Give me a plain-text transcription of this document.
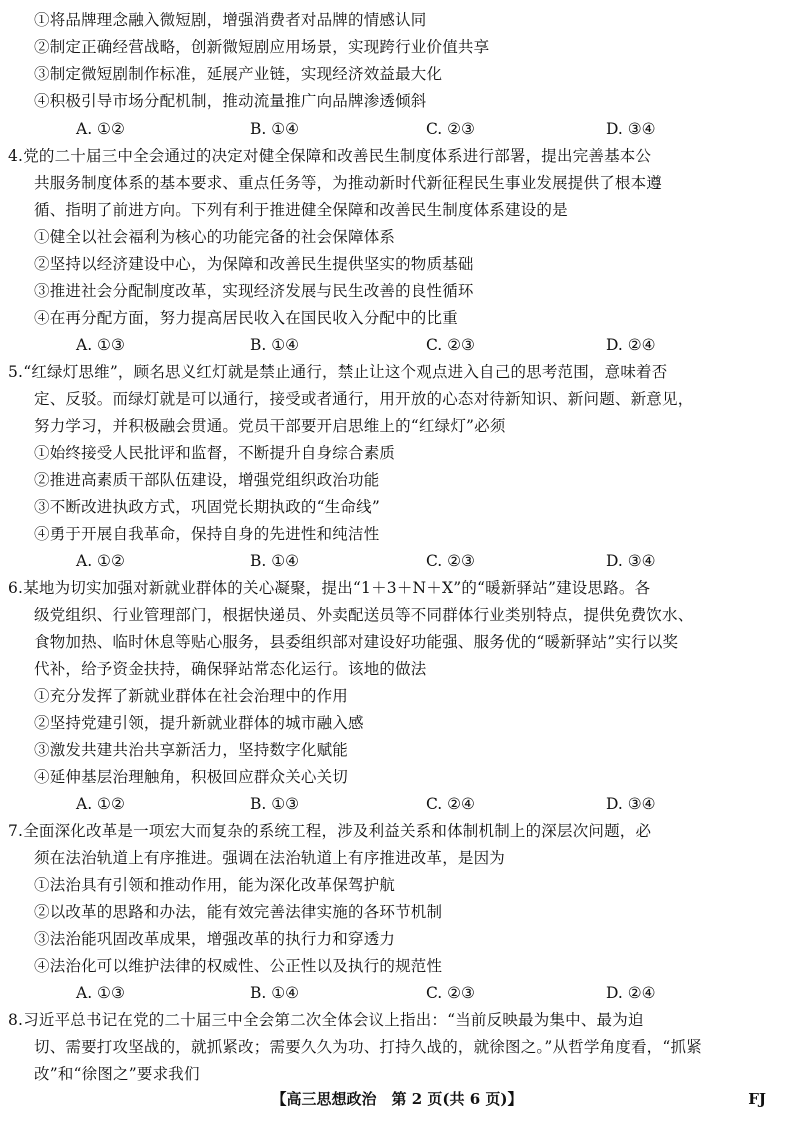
①将品牌理念融入微短剧，增强消费者对品牌的情感认同
②制定正确经营战略，创新微短剧应用场景，实现跨行业价值共享
③制定微短剧制作标准，延展产业链，实现经济效益最大化
④积极引导市场分配机制，推动流量推广向品牌渗透倾斜
A. ①②	B. ①④	C. ②③	D. ③④
4.党的二十届三中全会通过的决定对健全保障和改善民生制度体系进行部署，提出完善基本公
共服务制度体系的基本要求、重点任务等，为推动新时代新征程民生事业发展提供了根本遵
循、指明了前进方向。下列有利于推进健全保障和改善民生制度体系建设的是
①健全以社会福利为核心的功能完备的社会保障体系
②坚持以经济建设中心，为保障和改善民生提供坚实的物质基础
③推进社会分配制度改革，实现经济发展与民生改善的良性循环
④在再分配方面，努力提高居民收入在国民收入分配中的比重
A. ①③	B. ①④	C. ②③	D. ②④
5.“红绿灯思维”，顾名思义红灯就是禁止通行，禁止让这个观点进入自己的思考范围，意味着否
定、反驳。而绿灯就是可以通行，接受或者通行，用开放的心态对待新知识、新问题、新意见，
努力学习，并积极融会贯通。党员干部要开启思维上的“红绿灯”必须
①始终接受人民批评和监督，不断提升自身综合素质
②推进高素质干部队伍建设，增强党组织政治功能
③不断改进执政方式，巩固党长期执政的“生命线”
④勇于开展自我革命，保持自身的先进性和纯洁性
A. ①②	B. ①④	C. ②③	D. ③④
6.某地为切实加强对新就业群体的关心凝聚，提出“1＋3＋N＋X”的“暖新驿站”建设思路。各
级党组织、行业管理部门，根据快递员、外卖配送员等不同群体行业类别特点，提供免费饮水、
食物加热、临时休息等贴心服务，县委组织部对建设好功能强、服务优的“暖新驿站”实行以奖
代补，给予资金扶持，确保驿站常态化运行。该地的做法
①充分发挥了新就业群体在社会治理中的作用
②坚持党建引领，提升新就业群体的城市融入感
③激发共建共治共享新活力，坚持数字化赋能
④延伸基层治理触角，积极回应群众关心关切
A. ①②	B. ①③	C. ②④	D. ③④
7.全面深化改革是一项宏大而复杂的系统工程，涉及利益关系和体制机制上的深层次问题，必
须在法治轨道上有序推进。强调在法治轨道上有序推进改革，是因为
①法治具有引领和推动作用，能为深化改革保驾护航
②以改革的思路和办法，能有效完善法律实施的各环节机制
③法治能巩固改革成果，增强改革的执行力和穿透力
④法治化可以维护法律的权威性、公正性以及执行的规范性
A. ①③	B. ①④	C. ②③	D. ②④
8.习近平总书记在党的二十届三中全会第二次全体会议上指出：“当前反映最为集中、最为迫
切、需要打攻坚战的，就抓紧改；需要久久为功、打持久战的，就徐图之。”从哲学角度看，“抓紧
改”和“徐图之”要求我们
【高三思想政治　第 2 页(共 6 页)】	FJ
